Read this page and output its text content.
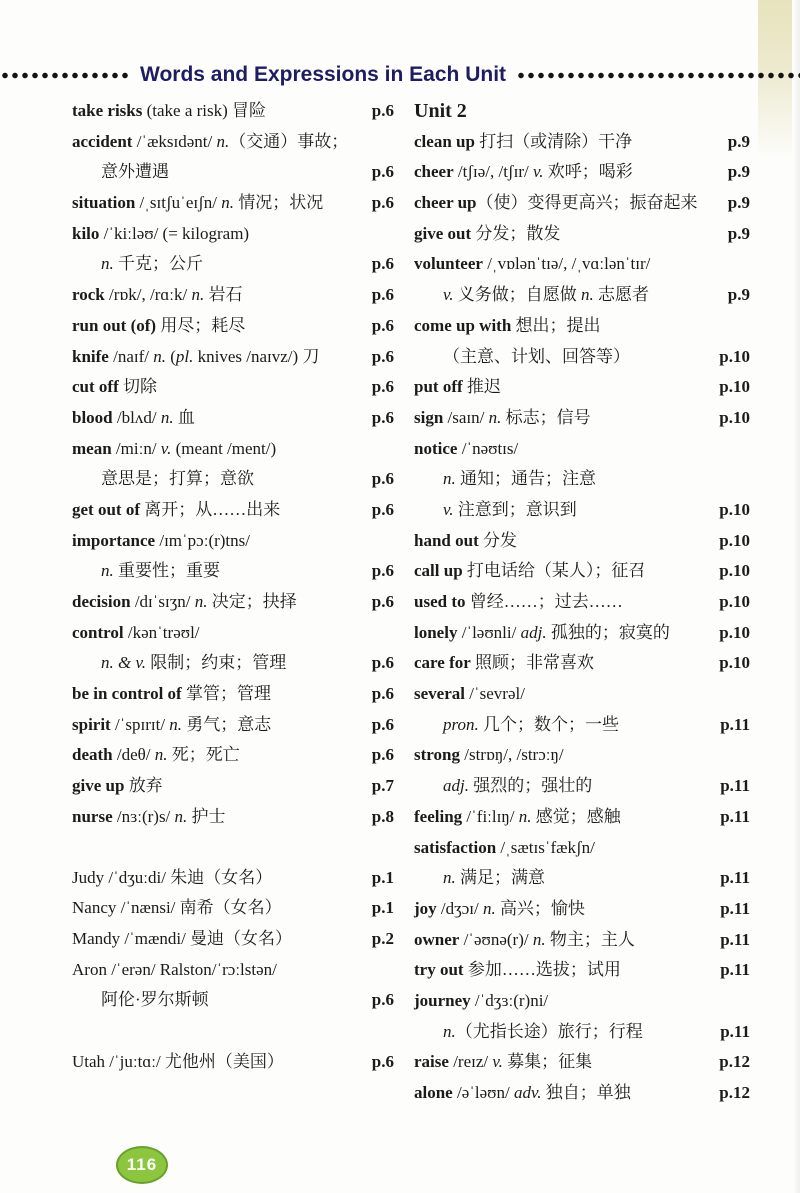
Words and Expressions in Each Unit
take risks (take a risk) 冒险	p.6
accident /ˈæksɪdənt/ n.（交通）事故；
意外遭遇	p.6
situation /ˌsɪtʃuˈeɪʃn/ n. 情况；状况	p.6
kilo /ˈkiːləʊ/ (= kilogram)
n. 千克；公斤	p.6
rock /rɒk/, /rɑːk/ n. 岩石	p.6
run out (of) 用尽；耗尽	p.6
knife /naɪf/ n. (pl. knives /naɪvz/) 刀	p.6
cut off 切除	p.6
blood /blʌd/ n. 血	p.6
mean /miːn/ v. (meant /ment/)
意思是；打算；意欲	p.6
get out of 离开；从……出来	p.6
importance /ɪmˈpɔː(r)tns/
n. 重要性；重要	p.6
decision /dɪˈsɪʒn/ n. 决定；抉择	p.6
control /kənˈtrəʊl/
n. & v. 限制；约束；管理	p.6
be in control of 掌管；管理	p.6
spirit /ˈspɪrɪt/ n. 勇气；意志	p.6
death /deθ/ n. 死；死亡	p.6
give up 放弃	p.7
nurse /nɜː(r)s/ n. 护士	p.8
Judy /ˈdʒuːdi/ 朱迪（女名）	p.1
Nancy /ˈnænsi/ 南希（女名）	p.1
Mandy /ˈmændi/ 曼迪（女名）	p.2
Aron /ˈerən/ Ralston/ˈrɔːlstən/
阿伦·罗尔斯顿	p.6
Utah /ˈjuːtɑː/ 尤他州（美国）	p.6
Unit 2
clean up 打扫（或清除）干净	p.9
cheer /tʃɪə/, /tʃɪr/ v. 欢呼；喝彩	p.9
cheer up（使）变得更高兴；振奋起来 p.9
give out 分发；散发	p.9
volunteer /ˌvɒlənˈtɪə/, /ˌvɑːlənˈtɪr/
v. 义务做；自愿做 n. 志愿者	p.9
come up with 想出；提出
（主意、计划、回答等）	p.10
put off 推迟	p.10
sign /saɪn/ n. 标志；信号	p.10
notice /ˈnəʊtɪs/
n. 通知；通告；注意
v. 注意到；意识到	p.10
hand out 分发	p.10
call up 打电话给（某人）；征召	p.10
used to 曾经……；过去……	p.10
lonely /ˈləʊnli/ adj. 孤独的；寂寞的	p.10
care for 照顾；非常喜欢	p.10
several /ˈsevrəl/
pron. 几个；数个；一些	p.11
strong /strɒŋ/, /strɔːŋ/
adj. 强烈的；强壮的	p.11
feeling /ˈfiːlɪŋ/ n. 感觉；感触	p.11
satisfaction /ˌsætɪsˈfækʃn/
n. 满足；满意	p.11
joy /dʒɔɪ/ n. 高兴；愉快	p.11
owner /ˈəʊnə(r)/ n. 物主；主人	p.11
try out 参加……选拔；试用	p.11
journey /ˈdʒɜː(r)ni/
n.（尤指长途）旅行；行程	p.11
raise /reɪz/ v. 募集；征集	p.12
alone /əˈləʊn/ adv. 独自；单独	p.12
116
